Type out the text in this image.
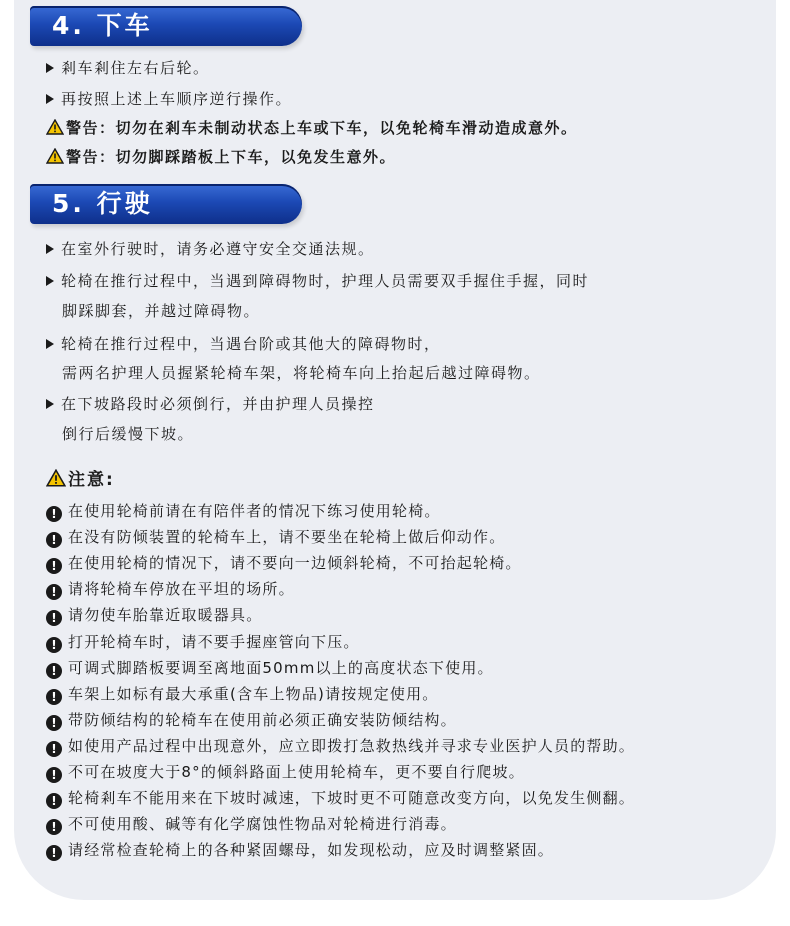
4. 下车
剎车剎住左右后轮。
再按照上述上车顺序逆行操作。
警告：切勿在剎车未制动状态上车或下车，以免轮椅车滑动造成意外。
警告：切勿脚踩踏板上下车，以免发生意外。
5. 行驶
在室外行驶时，请务必遵守安全交通法规。
轮椅在推行过程中，当遇到障碍物时，护理人员需要双手握住手握，同时
脚踩脚套，并越过障碍物。
轮椅在推行过程中，当遇台阶或其他大的障碍物时，
需两名护理人员握紧轮椅车架，将轮椅车向上抬起后越过障碍物。
在下坡路段时必须倒行，并由护理人员操控
倒行后缓慢下坡。
注意:
! 在使用轮椅前请在有陪伴者的情况下练习使用轮椅。
! 在没有防倾装置的轮椅车上，请不要坐在轮椅上做后仰动作。
! 在使用轮椅的情况下，请不要向一边倾斜轮椅，不可抬起轮椅。
! 请将轮椅车停放在平坦的场所。
! 请勿使车胎靠近取暖器具。
! 打开轮椅车时，请不要手握座管向下压。
! 可调式脚踏板要调至离地面50mm以上的高度状态下使用。
! 车架上如标有最大承重(含车上物品)请按规定使用。
! 带防倾结构的轮椅车在使用前必须正确安装防倾结构。
! 如使用产品过程中出现意外，应立即拨打急救热线并寻求专业医护人员的帮助。
! 不可在坡度大于8°的倾斜路面上使用轮椅车，更不要自行爬坡。
! 轮椅剎车不能用来在下坡时减速，下坡时更不可随意改变方向，以免发生侧翻。
! 不可使用酸、碱等有化学腐蚀性物品对轮椅进行消毒。
! 请经常检查轮椅上的各种紧固螺母，如发现松动，应及时调整紧固。
